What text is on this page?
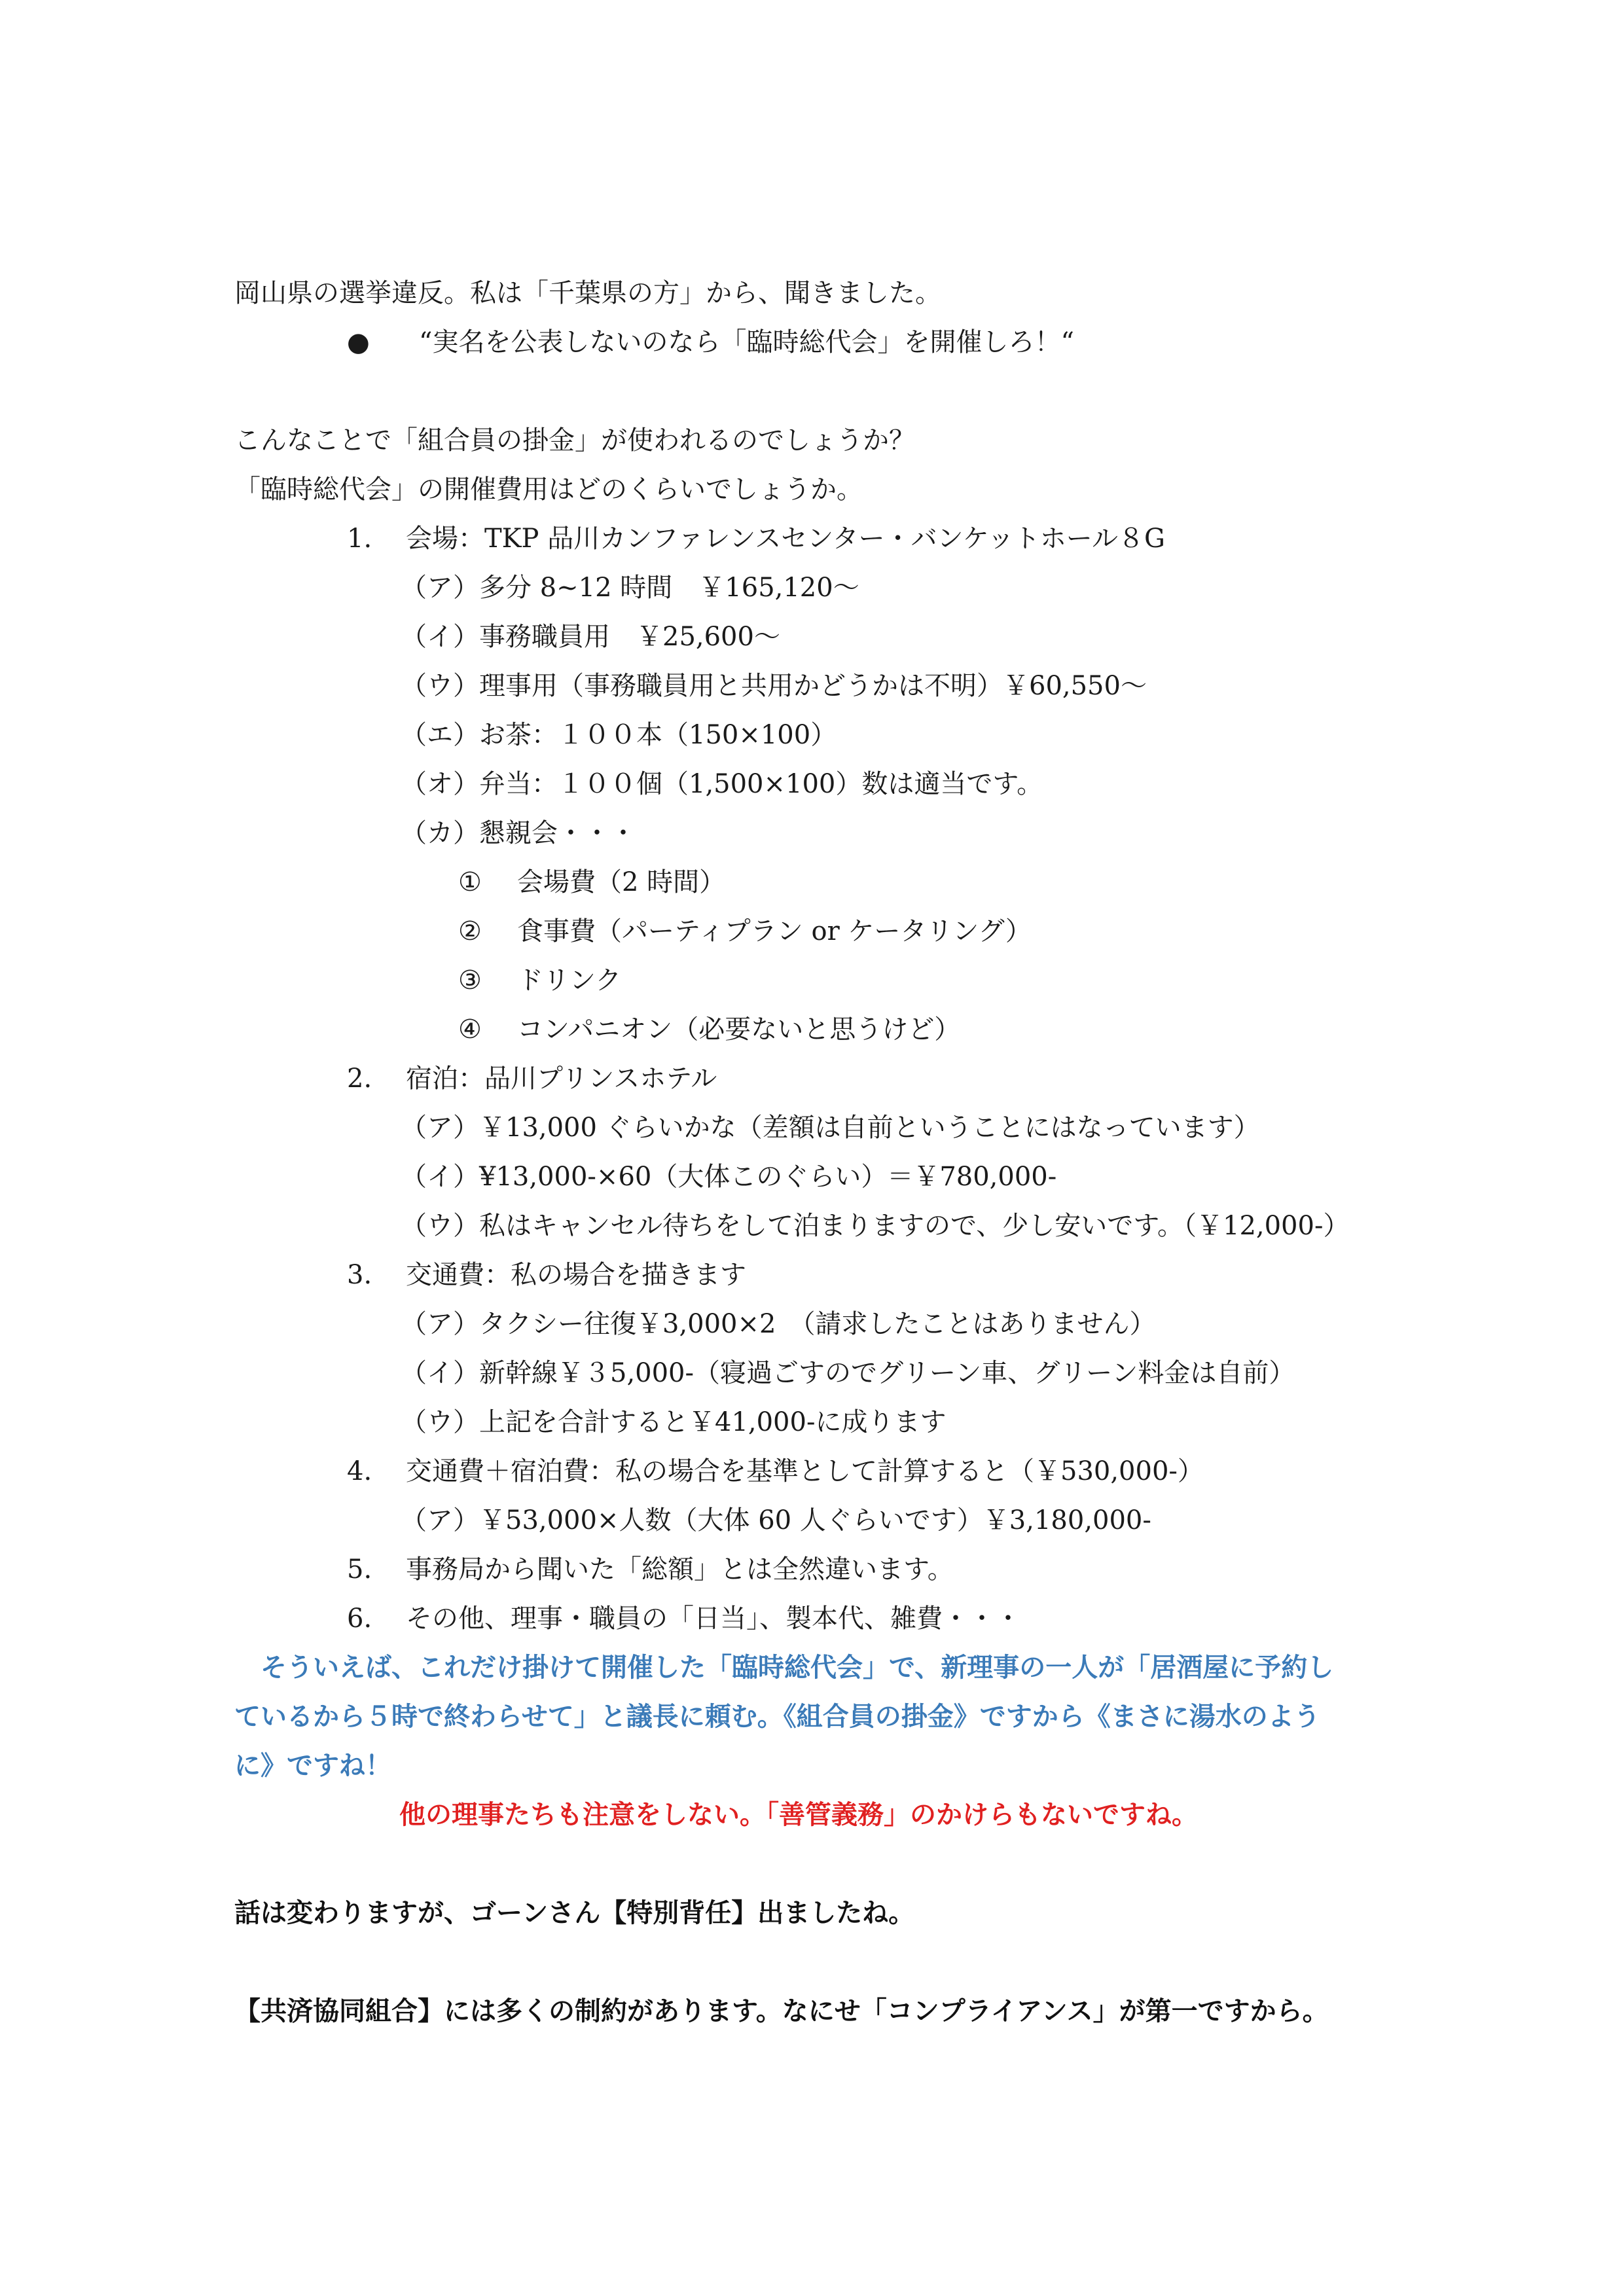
岡山県の選挙違反。私は「千葉県の方」から、聞きました。

● “実名を公表しないのなら「臨時総代会」を開催しろ！“

こんなことで「組合員の掛金」が使われるのでしょうか？

「臨時総代会」の開催費用はどのくらいでしょうか。

1. 会場：TKP 品川カンファレンスセンター・バンケットホール８G

（ア）多分 8~12 時間　￥165,120～

（イ）事務職員用　￥25,600～

（ウ）理事用（事務職員用と共用かどうかは不明）￥60,550～

（エ）お茶：１００本（150×100）

（オ）弁当：１００個（1,500×100）数は適当です。

（カ）懇親会・・・

① 会場費（2 時間）

② 食事費（パーティプラン or ケータリング）

③ ドリンク

④ コンパニオン（必要ないと思うけど）

2. 宿泊：品川プリンスホテル

（ア）￥13,000 ぐらいかな（差額は自前ということにはなっています）

（イ）¥13,000-×60（大体このぐらい）＝￥780,000-

（ウ）私はキャンセル待ちをして泊まりますので、少し安いです。（￥12,000-）

3. 交通費：私の場合を描きます

（ア）タクシー往復￥3,000×2　（請求したことはありません）

（イ）新幹線￥３5,000-（寝過ごすのでグリーン車、グリーン料金は自前）

（ウ）上記を合計すると￥41,000-に成ります

4. 交通費＋宿泊費：私の場合を基準として計算すると（￥530,000-）

（ア）￥53,000×人数（大体 60 人ぐらいです）￥3,180,000-

5. 事務局から聞いた「総額」とは全然違います。

6. その他、理事・職員の「日当」、製本代、雑費・・・

そういえば、これだけ掛けて開催した「臨時総代会」で、新理事の一人が「居酒屋に予約し

ているから５時で終わらせて」と議長に頼む。《組合員の掛金》ですから《まさに湯水のよう

に》ですね！

他の理事たちも注意をしない。「善管義務」のかけらもないですね。

話は変わりますが、ゴーンさん【特別背任】出ましたね。

【共済協同組合】には多くの制約があります。なにせ「コンプライアンス」が第一ですから。
